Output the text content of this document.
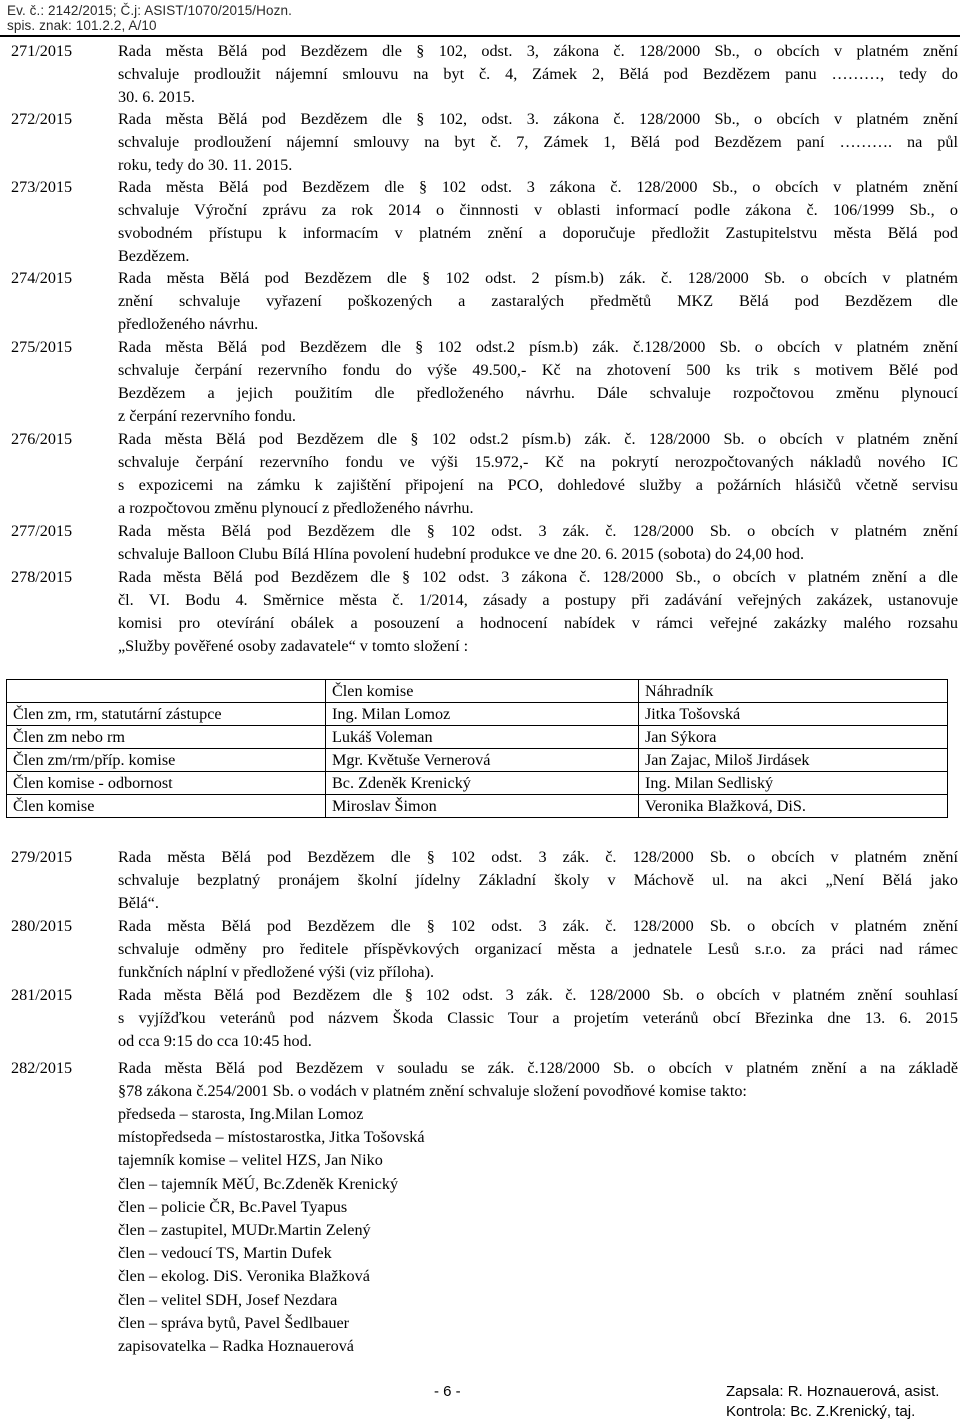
Ev. č.: 2142/2015; Č.j: ASIST/1070/2015/Hozn.
spis. znak: 101.2.2, A/10
271/2015	Rada města Bělá pod Bezdězem dle § 102, odst. 3, zákona č. 128/2000 Sb., o obcích v platném znění
schvaluje prodloužit nájemní smlouvu na byt č. 4, Zámek 2, Bělá pod Bezdězem panu ………, tedy do
30. 6. 2015.
272/2015	Rada města Bělá pod Bezdězem dle § 102, odst. 3. zákona č. 128/2000 Sb., o obcích v platném znění
schvaluje prodloužení nájemní smlouvy na byt č. 7, Zámek 1, Bělá pod Bezdězem paní ………. na půl
roku, tedy do 30. 11. 2015.
273/2015	Rada města Bělá pod Bezdězem dle § 102 odst. 3 zákona č. 128/2000 Sb., o obcích v platném znění
schvaluje Výroční zprávu za rok 2014 o činnnosti v oblasti informací podle zákona č. 106/1999 Sb., o
svobodném přístupu k informacím v platném znění a doporučuje předložit Zastupitelstvu města Bělá pod
Bezdězem.
274/2015	Rada města Bělá pod Bezdězem dle § 102 odst. 2 písm.b) zák. č. 128/2000 Sb. o obcích v platném
znění schvaluje vyřazení poškozených a zastaralých předmětů MKZ Bělá pod Bezdězem dle
předloženého návrhu.
275/2015	Rada města Bělá pod Bezdězem dle § 102 odst.2 písm.b) zák. č.128/2000 Sb. o obcích v platném znění
schvaluje čerpání rezervního fondu do výše 49.500,- Kč na zhotovení 500 ks trik s motivem Bělé pod
Bezdězem a jejich použitím dle předloženého návrhu. Dále schvaluje rozpočtovou změnu plynoucí
z čerpání rezervního fondu.
276/2015	Rada města Bělá pod Bezdězem dle § 102 odst.2 písm.b) zák. č. 128/2000 Sb. o obcích v platném znění
schvaluje čerpání rezervního fondu ve výši 15.972,- Kč na pokrytí nerozpočtovaných nákladů nového IC
s expozicemi na zámku k zajištění připojení na PCO, dohledové služby a požárních hlásičů včetně servisu
a rozpočtovou změnu plynoucí z předloženého návrhu.
277/2015	Rada města Bělá pod Bezdězem dle § 102 odst. 3 zák. č. 128/2000 Sb. o obcích v platném znění
schvaluje Balloon Clubu Bílá Hlína povolení hudební produkce ve dne 20. 6. 2015 (sobota) do 24,00 hod.
278/2015	Rada města Bělá pod Bezdězem dle § 102 odst. 3 zákona č. 128/2000 Sb., o obcích v platném znění a dle
čl. VI. Bodu 4. Směrnice města č. 1/2014, zásady a postupy při zadávání veřejných zakázek, ustanovuje
komisi pro otevírání obálek a posouzení a hodnocení nabídek v rámci veřejné zakázky malého rozsahu
„Služby pověřené osoby zadavatele“ v tomto složení :
	Člen komise	Náhradník
Člen zm, rm, statutární zástupce	Ing. Milan Lomoz	Jitka Tošovská
Člen zm nebo rm	Lukáš Voleman	Jan Sýkora
Člen zm/rm/příp. komise	Mgr. Květuše Vernerová	Jan Zajac, Miloš Jirdásek
Člen komise - odbornost	Bc. Zdeněk Krenický	Ing. Milan Sedliský
Člen komise	Miroslav Šimon	Veronika Blažková, DiS.
279/2015	Rada města Bělá pod Bezdězem dle § 102 odst. 3 zák. č. 128/2000 Sb. o obcích v platném znění
schvaluje bezplatný pronájem školní jídelny Základní školy v Máchově ul. na akci „Není Bělá jako
Bělá“.
280/2015	Rada města Bělá pod Bezdězem dle § 102 odst. 3 zák. č. 128/2000 Sb. o obcích v platném znění
schvaluje odměny pro ředitele příspěvkových organizací města a jednatele Lesů s.r.o. za práci nad rámec
funkčních náplní v předložené výši (viz příloha).
281/2015	Rada města Bělá pod Bezdězem dle § 102 odst. 3 zák. č. 128/2000 Sb. o obcích v platném znění souhlasí
s vyjížďkou veteránů pod názvem Škoda Classic Tour a projetím veteránů obcí Březinka dne 13. 6. 2015
od cca 9:15 do cca 10:45 hod.
282/2015	Rada města Bělá pod Bezdězem v souladu se zák. č.128/2000 Sb. o obcích v platném znění a na základě
§78 zákona č.254/2001 Sb. o vodách v platném znění schvaluje složení povodňové komise takto:
předseda – starosta, Ing.Milan Lomoz
místopředseda – místostarostka, Jitka Tošovská
tajemník komise – velitel HZS, Jan Niko
člen – tajemník MěÚ, Bc.Zdeněk Krenický
člen – policie ČR, Bc.Pavel Tyapus
člen – zastupitel, MUDr.Martin Zelený
člen – vedoucí TS, Martin Dufek
člen – ekolog. DiS. Veronika Blažková
člen – velitel SDH, Josef Nezdara
člen – správa bytů, Pavel Šedlbauer
zapisovatelka – Radka Hoznauerová
- 6 -	Zapsala: R. Hoznauerová, asist.
Kontrola: Bc. Z.Krenický, taj.
